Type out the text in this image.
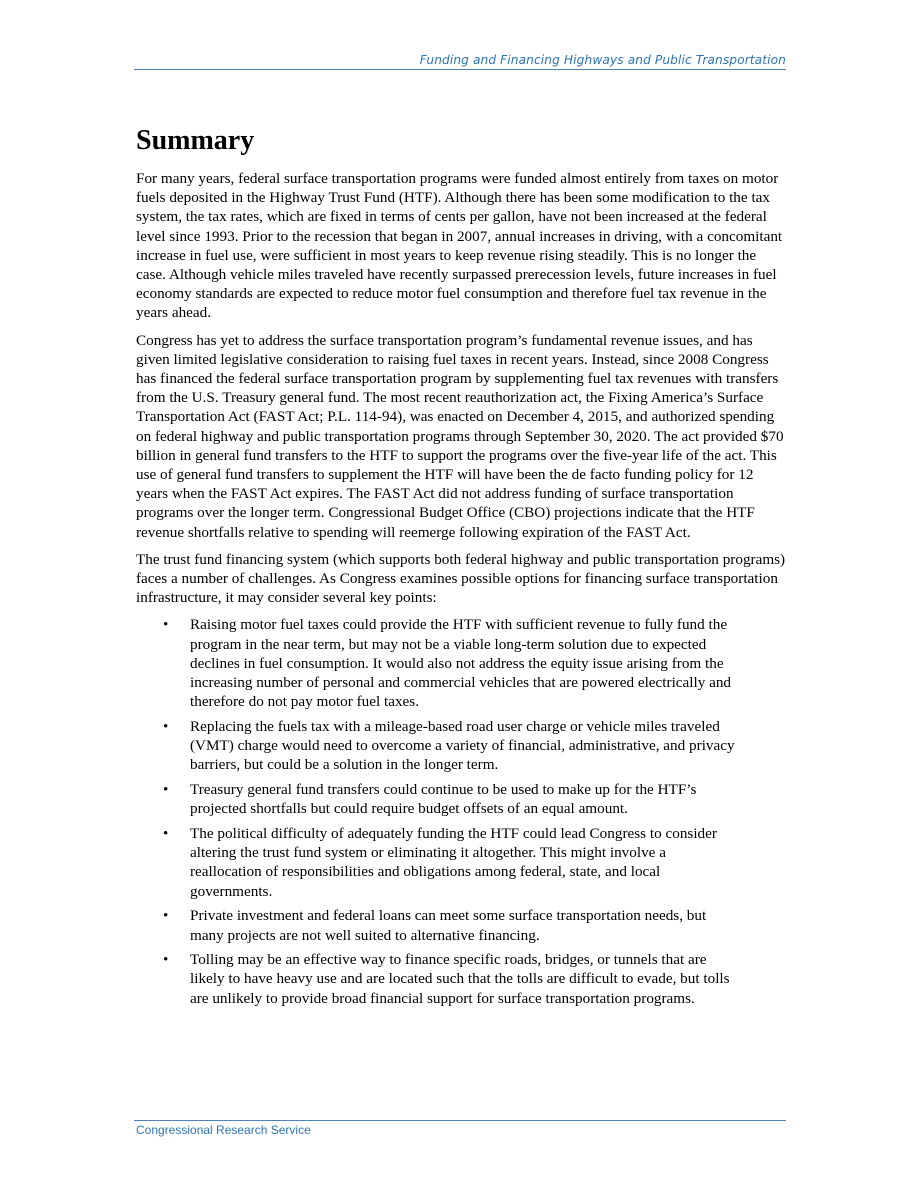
Funding and Financing Highways and Public Transportation
Summary

For many years, federal surface transportation programs were funded almost entirely from taxes on motor fuels deposited in the Highway Trust Fund (HTF). Although there has been some modification to the tax system, the tax rates, which are fixed in terms of cents per gallon, have not been increased at the federal level since 1993. Prior to the recession that began in 2007, annual increases in driving, with a concomitant increase in fuel use, were sufficient in most years to keep revenue rising steadily. This is no longer the case. Although vehicle miles traveled have recently surpassed prerecession levels, future increases in fuel economy standards are expected to reduce motor fuel consumption and therefore fuel tax revenue in the years ahead.

Congress has yet to address the surface transportation program’s fundamental revenue issues, and has given limited legislative consideration to raising fuel taxes in recent years. Instead, since 2008 Congress has financed the federal surface transportation program by supplementing fuel tax revenues with transfers from the U.S. Treasury general fund. The most recent reauthorization act, the Fixing America’s Surface Transportation Act (FAST Act; P.L. 114-94), was enacted on December 4, 2015, and authorized spending on federal highway and public transportation programs through September 30, 2020. The act provided $70 billion in general fund transfers to the HTF to support the programs over the five-year life of the act. This use of general fund transfers to supplement the HTF will have been the de facto funding policy for 12 years when the FAST Act expires. The FAST Act did not address funding of surface transportation programs over the longer term. Congressional Budget Office (CBO) projections indicate that the HTF revenue shortfalls relative to spending will reemerge following expiration of the FAST Act.

The trust fund financing system (which supports both federal highway and public transportation programs) faces a number of challenges. As Congress examines possible options for financing surface transportation infrastructure, it may consider several key points:

• Raising motor fuel taxes could provide the HTF with sufficient revenue to fully fund the program in the near term, but may not be a viable long-term solution due to expected declines in fuel consumption. It would also not address the equity issue arising from the increasing number of personal and commercial vehicles that are powered electrically and therefore do not pay motor fuel taxes.
• Replacing the fuels tax with a mileage-based road user charge or vehicle miles traveled (VMT) charge would need to overcome a variety of financial, administrative, and privacy barriers, but could be a solution in the longer term.
• Treasury general fund transfers could continue to be used to make up for the HTF’s projected shortfalls but could require budget offsets of an equal amount.
• The political difficulty of adequately funding the HTF could lead Congress to consider altering the trust fund system or eliminating it altogether. This might involve a reallocation of responsibilities and obligations among federal, state, and local governments.
• Private investment and federal loans can meet some surface transportation needs, but many projects are not well suited to alternative financing.
• Tolling may be an effective way to finance specific roads, bridges, or tunnels that are likely to have heavy use and are located such that the tolls are difficult to evade, but tolls are unlikely to provide broad financial support for surface transportation programs.
Congressional Research Service
